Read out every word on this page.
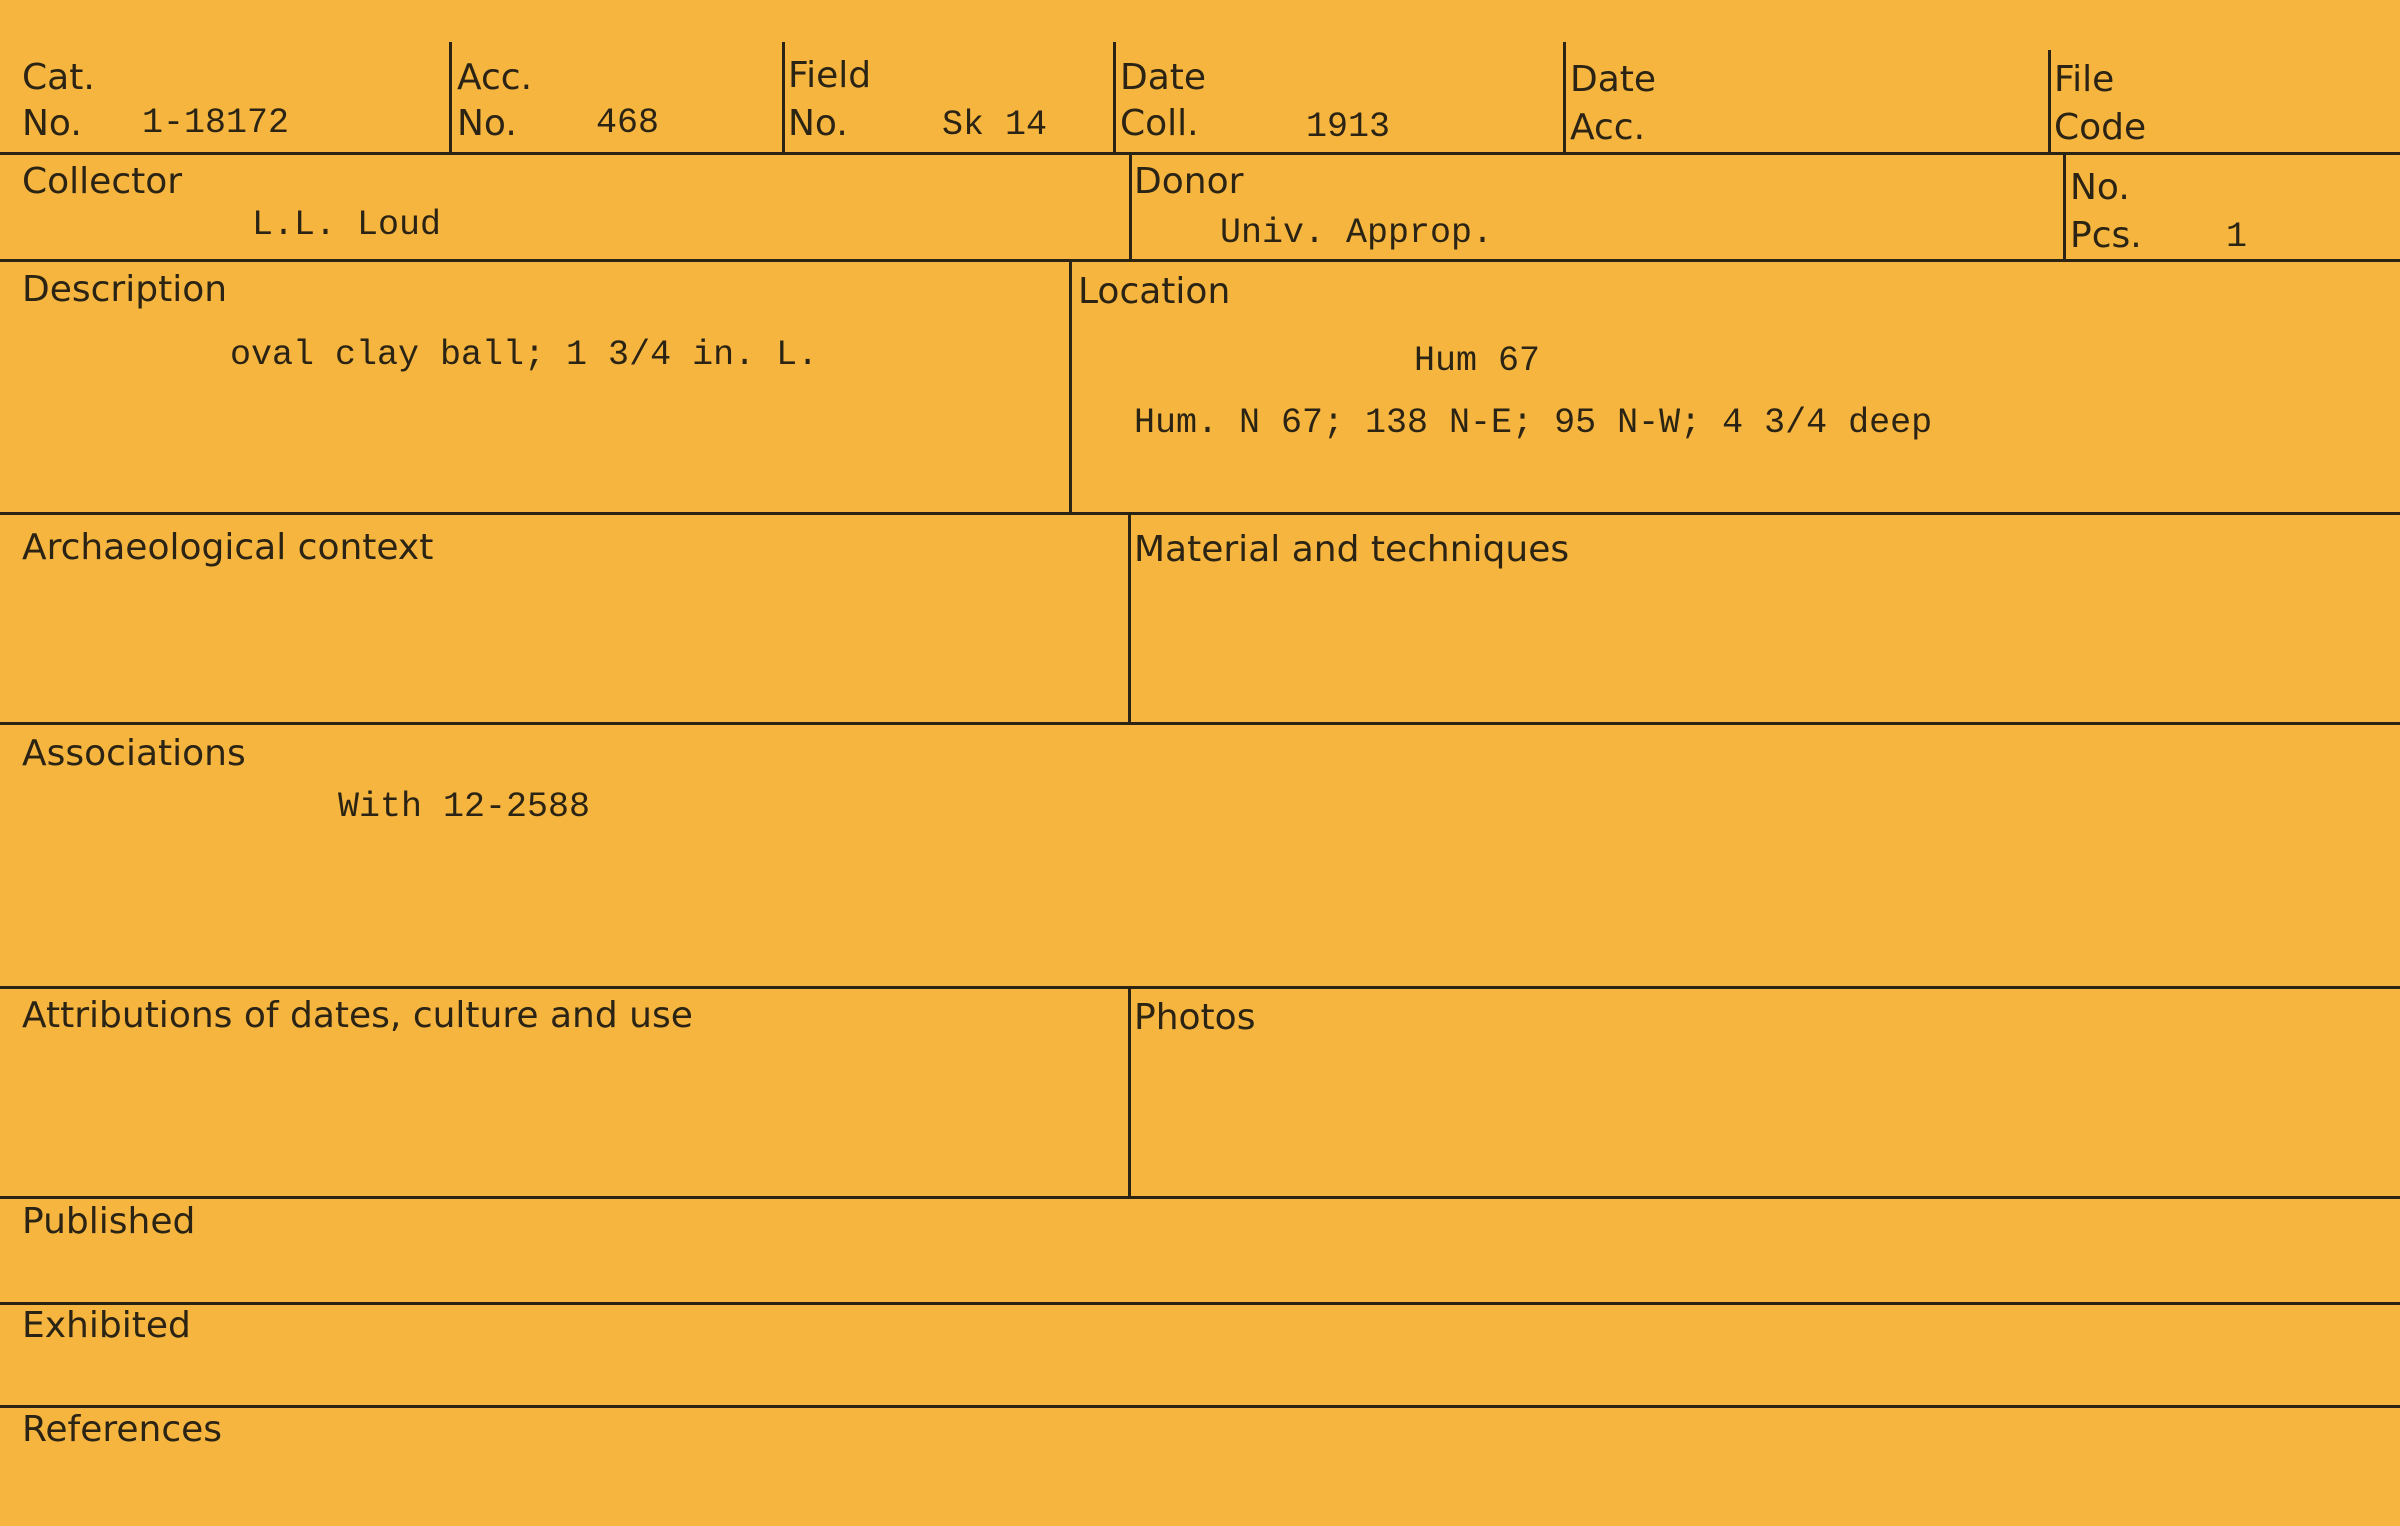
Cat.
No. 1-18172
Acc.
No. 468
Field
No.	Sk 14
Date
Coll.	1913
Date
Acc.
File
Code
Collector
L.L. Loud
Donor
Univ. Approp.
No.
Pcs. 1
Description
oval clay ball; 1 3/4 in. L.
Location
Hum 67
Hum. N 67; 138 N-E; 95 N-W; 4 3/4 deep
Archaeological context	Material and techniques
Associations
With 12-2588
Attributions of dates, culture and use	Photos
Published
Exhibited
References
